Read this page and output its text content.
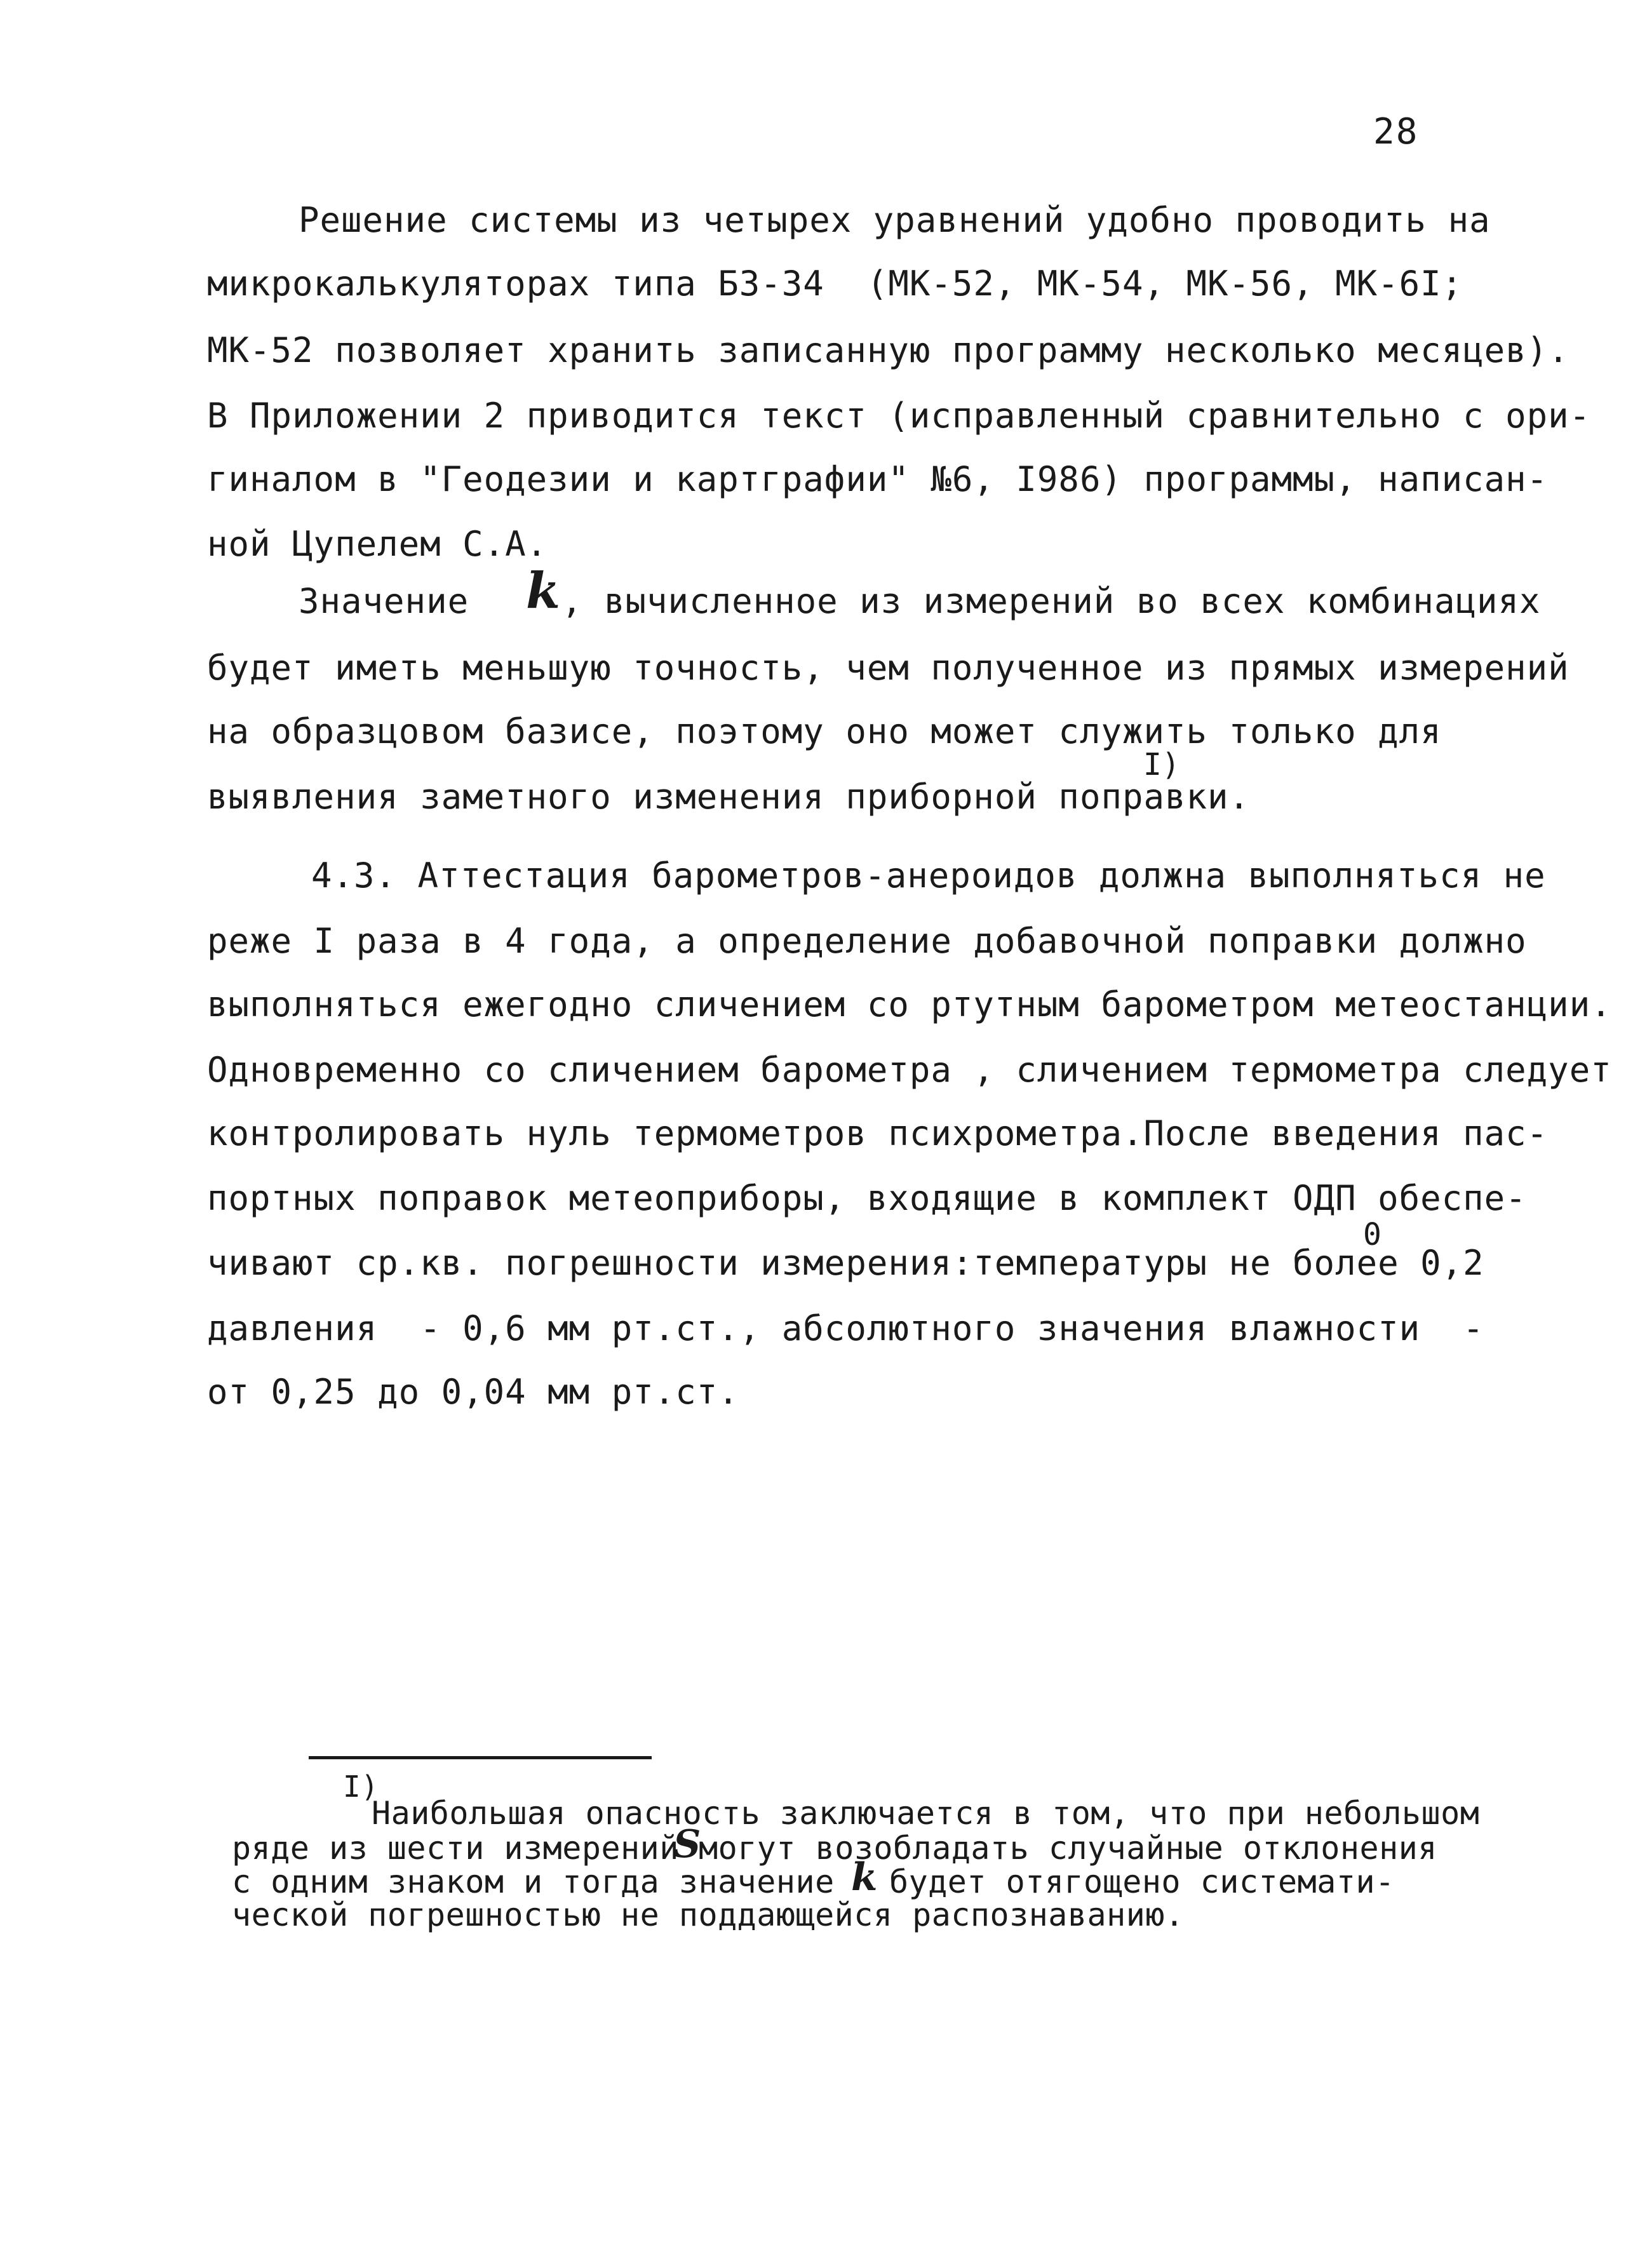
28
Решение системы из четырех уравнений удобно проводить на
микрокалькуляторах типа Б3-34  (МК-52, МК-54, МК-56, МК-6I;
МК-52 позволяет хранить записанную программу несколько месяцев).
В Приложении 2 приводится текст (исправленный сравнительно с ори-
гиналом в "Геодезии и картграфии" №6, I986) программы, написан-
ной Цупелем С.А.
Значение k , вычисленное из измерений во всех комбинациях
будет иметь меньшую точность, чем полученное из прямых измерений
на образцовом базисе, поэтому оно может служить только для
выявления заметного изменения приборной поправки.
I)
4.3. Аттестация барометров-анероидов должна выполняться не
реже I раза в 4 года, а определение добавочной поправки должно
выполняться ежегодно сличением со ртутным барометром метеостанции.
Одновременно со сличением барометра , сличением термометра следует
контролировать нуль термометров психрометра.После введения пас-
портных поправок метеоприборы, входящие в комплект ОДП обеспе-
чивают ср.кв. погрешности измерения:температуры не более 0,2
0
давления  - 0,6 мм рт.ст., абсолютного значения влажности  -
от 0,25 до 0,04 мм рт.ст.
I)
Наибольшая опасность заключается в том, что при небольшом
ряде из шести измерений
S
могут возобладать случайные отклонения
с одним знаком и тогда значение k будет отягощено системати-
ческой погрешностью не поддающейся распознаванию.
